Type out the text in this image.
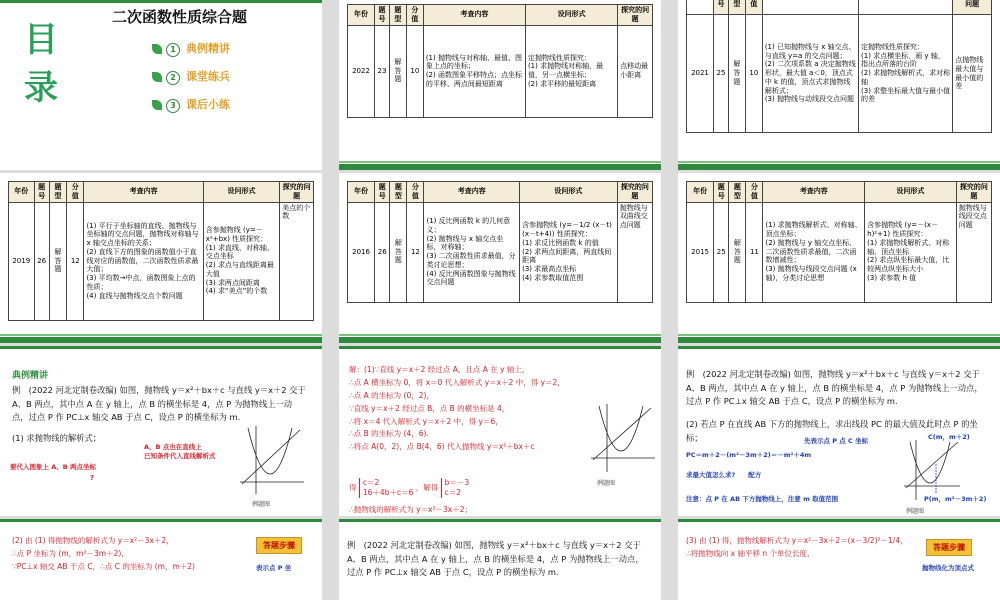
目
录
二次函数性质综合题
1 典例精讲
2 课堂练兵
3 课后小练
年份	题号	题型	分值	考查内容	设问形式	探究的问题
2022	23	解答题	10	(1) 抛物线与对称轴、最值、图象上点的坐标；
(2) 函数图象平移特点；点坐标的平移、两点间最短距离	定抛物线性质探究：
(1) 求抛物线对称轴，最值，另一点横坐标；
(2) 求平移的最短距离	点移动最小距离
	号	型	值			问题
2021	25	解答题	10	(1) 已知抛物线与 x 轴交点、与直线 y=a 的交点问题；
(2) 二次项系数 a 决定抛物线形状，最大值 a＜0，顶点式中 k 的值，顶点式求抛物线解析式；
(3) 抛物线与动线段交点问题	定抛物线性质探究：
(1) 求点横坐标，画 y 轴，指出点所落的台阶
(2) 求抛物线解析式，求对称轴
(3) 求整坐标最大值与最小值的差	点抛物线最大值与最小值的差
年份	题号	题型	分值	考查内容	设问形式	探究的问题
2019	26	解答题	12	(1) 平行于坐标轴的直线、抛物线与坐标轴的交点问题，抛物线对称轴与 x 轴交点坐标的关系；
(2) 直线下方的图象的函数值小于直线对应的函数值，二次函数性质求最大值；
(3) 平均数→中点，函数图象上点的性质；
(4) 直线与抛物线交点个数问题	含参抛物线 (y=－x²+bx) 性质探究：
(1) 求直线、对称轴、交点坐标
(2) 求点与直线距离最大值
(3) 求两点间距离
(4) 求“美点”的个数	美点的个数
年份	题号	题型	分值	考查内容	设问形式	探究的问题
2016	26	解答题	12	(1) 反比例函数 k 的几何意义；
(2) 抛物线与 x 轴交点坐标，对称轴；
(3) 二次函数性质求最值，分类讨论思想；
(4) 反比例函数图象与抛物线交点问题	含参抛物线 (y=－1/2 (x－t)(x－t+4)) 性质探究：
(1) 求反比例函数 k 的值
(2) 求两点间距离，两直线间距离
(3) 求最高点坐标
(4) 求参数取值范围	抛物线与双曲线交点问题
年份	题号	题型	分值	考查内容	设问形式	探究的问题
2015	25	解答题	11	(1) 求抛物线解析式、对称轴、顶点坐标；
(2) 抛物线与 y 轴交点坐标，二次函数性质求最值，二次函数增减性；
(3) 抛物线与线段交点问题 (x 轴)，分类讨论思想	含参抛物线 (y=－(x－h)²+1) 性质探究：
(1) 求抛物线解析式、对称轴、顶点坐标
(2) 求点纵坐标最大值，比较两点纵坐标大小
(3) 求参数 h 值	抛物线与线段交点问题
典例精讲
例　(2022 河北定制卷改编) 如图，抛物线 y＝x²＋bx＋c 与直线 y＝x＋2 交于 A、B 两点，其中点 A 在 y 轴上，点 B 的横坐标是 4，点 P 为抛物线上一动点，过点 P 作 PC⊥x 轴交 AB 于点 C，设点 P 的横坐标为 m.
(1) 求抛物线的解析式；
A、B 点也在直线上
已知条件代入直线解析式
要代入图象上 A、B 两点坐标
?
例题图
解：(1)∵直线 y＝x＋2 经过点 A，且点 A 在 y 轴上，
∴点 A 横坐标为 0，将 x＝0 代入解析式 y＝x＋2 中，得 y＝2，
∴点 A 的坐标为 (0，2)，
∵直线 y＝x＋2 经过点 B，点 B 的横坐标是 4，
∴将 x＝4 代入解析式 y＝x＋2 中，得 y＝6，
∴点 B 的坐标为 (4，6).
∴将点 A(0，2)，点 B(4，6) 代入抛物线 y＝x²＋bx＋c
得
c＝2
16＋4b＋c＝6
，解得
b＝－3
c＝2
∴抛物线的解析式为 y＝x²－3x＋2；
例题图
例　(2022 河北定制卷改编) 如图，抛物线 y＝x²＋bx＋c 与直线 y＝x＋2 交于 A、B 两点，其中点 A 在 y 轴上，点 B 的横坐标是 4，点 P 为抛物线上一动点，过点 P 作 PC⊥x 轴交 AB 于点 C，设点 P 的横坐标为 m.
(2) 若点 P 在直线 AB 下方的抛物线上，求出线段 PC 的最大值及此时点 P 的坐标；	先表示点 P 点 C 坐标
PC＝m＋2－(m²－3m＋2)＝－m²＋4m
求最大值怎么求?　　配方
注意：点 P 在 AB 下方抛物线上，注意 m 取值范围
C(m，m＋2)
P(m，m²－3m＋2)
例题图
(2) 由 (1) 得抛物线的解析式为 y＝x²－3x＋2，
∴点 P 坐标为 (m，m²－3m＋2)，
∵PC⊥x 轴交 AB 于点 C，∴点 C 的坐标为 (m，m＋2)
答题步骤
表示点 P 坐
例　(2022 河北定制卷改编) 如图，抛物线 y＝x²＋bx＋c 与直线 y＝x＋2 交于 A、B 两点，其中点 A 在 y 轴上，点 B 的横坐标是 4，点 P 为抛物线上一动点，过点 P 作 PC⊥x 轴交 AB 于点 C，设点 P 的横坐标为 m.
(3) 由 (1) 得，抛物线解析式为 y＝x²－3x＋2＝(x－3/2)²－1/4，
∴将抛物线向 x 轴平移 n 个单位长度，
答题步骤
抛物线化为顶点式
